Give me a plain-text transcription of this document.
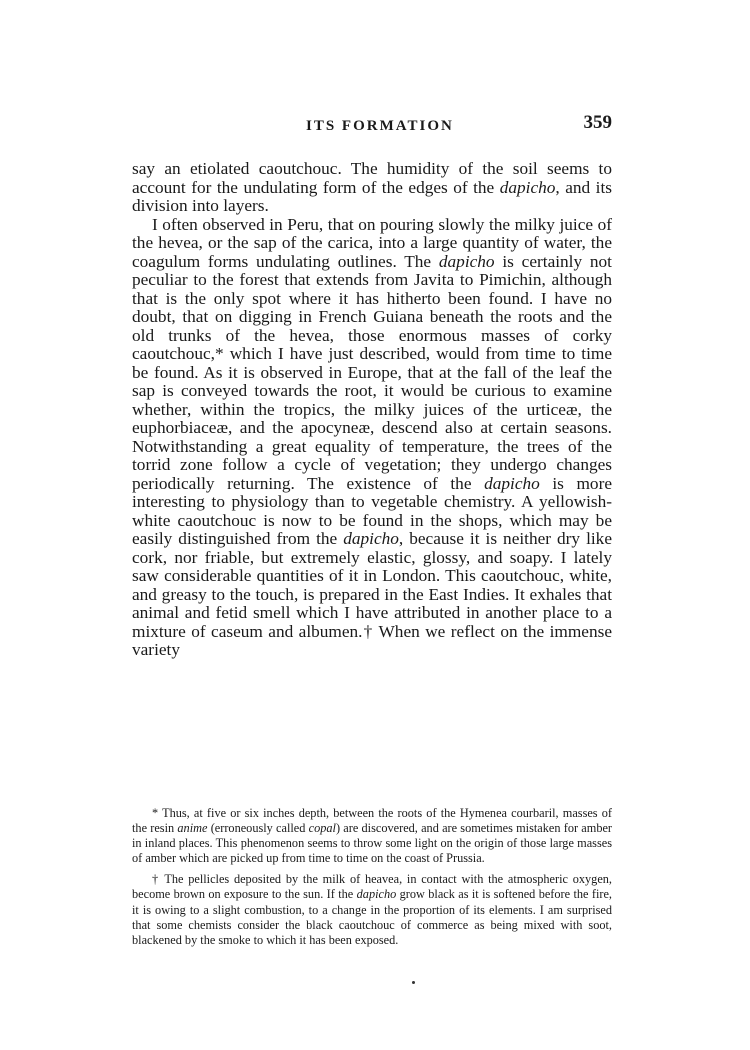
ITS FORMATION	359

say an etiolated caoutchouc. The humidity of the soil seems to account for the undulating form of the edges of the dapicho, and its division into layers.

I often observed in Peru, that on pouring slowly the milky juice of the hevea, or the sap of the carica, into a large quantity of water, the coagulum forms undulating outlines. The dapicho is certainly not peculiar to the forest that extends from Javita to Pimichin, although that is the only spot where it has hitherto been found. I have no doubt, that on digging in French Guiana beneath the roots and the old trunks of the hevea, those enormous masses of corky caoutchouc,* which I have just described, would from time to time be found. As it is observed in Europe, that at the fall of the leaf the sap is conveyed towards the root, it would be curious to examine whether, within the tropics, the milky juices of the urticeæ, the euphorbiaceæ, and the apocyneæ, descend also at certain seasons. Notwithstanding a great equality of temperature, the trees of the torrid zone follow a cycle of vegetation; they undergo changes periodically returning. The existence of the dapicho is more interesting to physiology than to vegetable chemistry. A yellowish-white caoutchouc is now to be found in the shops, which may be easily distinguished from the dapicho, because it is neither dry like cork, nor friable, but extremely elastic, glossy, and soapy. I lately saw considerable quantities of it in London. This caoutchouc, white, and greasy to the touch, is prepared in the East Indies. It exhales that animal and fetid smell which I have attributed in another place to a mixture of caseum and albumen.† When we reflect on the immense variety

* Thus, at five or six inches depth, between the roots of the Hymenea courbaril, masses of the resin anime (erroneously called copal) are discovered, and are sometimes mistaken for amber in inland places. This phenomenon seems to throw some light on the origin of those large masses of amber which are picked up from time to time on the coast of Prussia.

† The pellicles deposited by the milk of heavea, in contact with the atmospheric oxygen, become brown on exposure to the sun. If the dapicho grow black as it is softened before the fire, it is owing to a slight combustion, to a change in the proportion of its elements. I am surprised that some chemists consider the black caoutchouc of commerce as being mixed with soot, blackened by the smoke to which it has been exposed.
